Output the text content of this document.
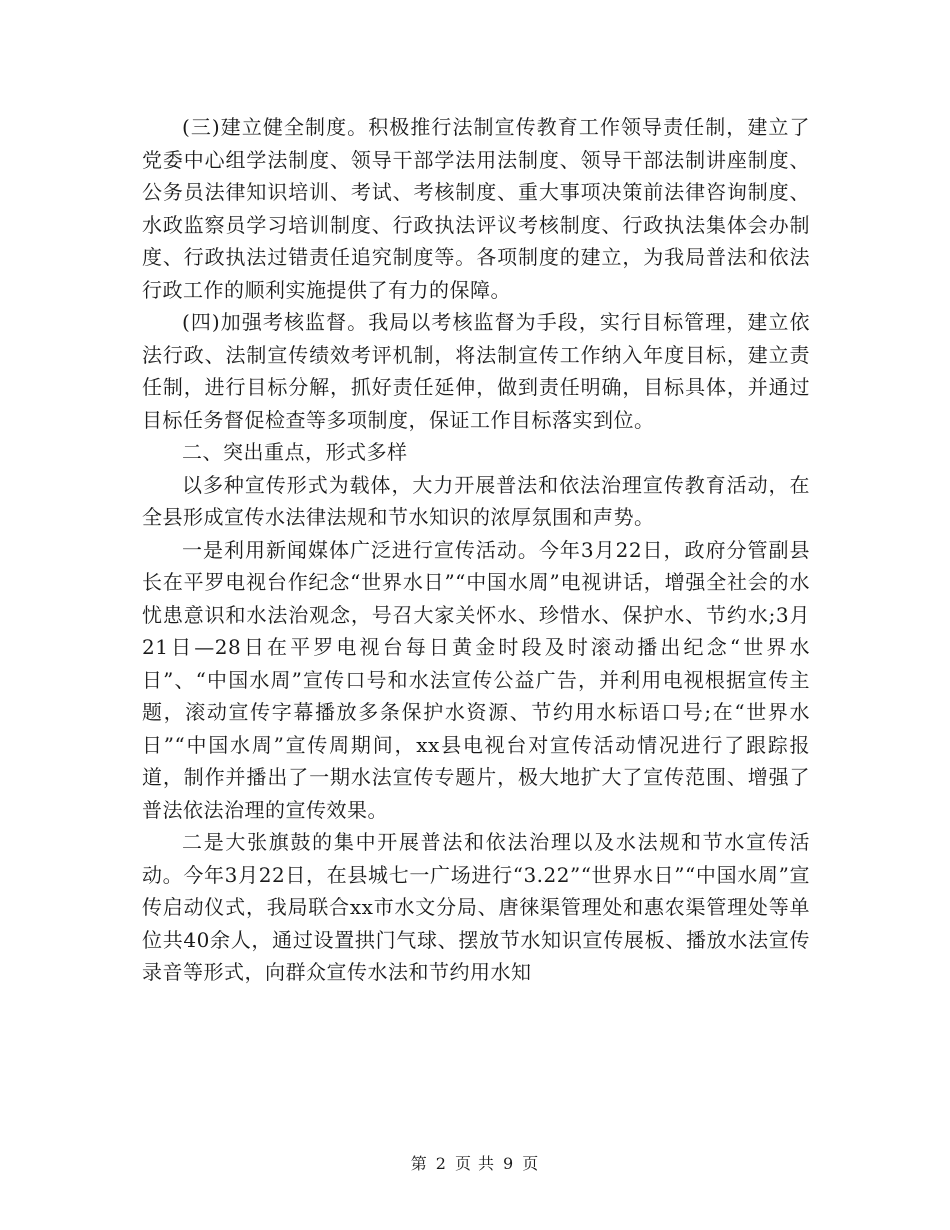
(三)建立健全制度。积极推行法制宣传教育工作领导责任制，建立了党委中心组学法制度、领导干部学法用法制度、领导干部法制讲座制度、公务员法律知识培训、考试、考核制度、重大事项决策前法律咨询制度、水政监察员学习培训制度、行政执法评议考核制度、行政执法集体会办制度、行政执法过错责任追究制度等。各项制度的建立，为我局普法和依法行政工作的顺利实施提供了有力的保障。

(四)加强考核监督。我局以考核监督为手段，实行目标管理，建立依法行政、法制宣传绩效考评机制，将法制宣传工作纳入年度目标，建立责任制，进行目标分解，抓好责任延伸，做到责任明确，目标具体，并通过目标任务督促检查等多项制度，保证工作目标落实到位。

二、突出重点，形式多样

以多种宣传形式为载体，大力开展普法和依法治理宣传教育活动，在全县形成宣传水法律法规和节水知识的浓厚氛围和声势。

一是利用新闻媒体广泛进行宣传活动。今年3月22日，政府分管副县长在平罗电视台作纪念“世界水日”“中国水周”电视讲话，增强全社会的水忧患意识和水法治观念，号召大家关怀水、珍惜水、保护水、节约水;3月21日—28日在平罗电视台每日黄金时段及时滚动播出纪念“世界水日”、“中国水周”宣传口号和水法宣传公益广告，并利用电视根据宣传主题，滚动宣传字幕播放多条保护水资源、节约用水标语口号;在“世界水日”“中国水周”宣传周期间，xx县电视台对宣传活动情况进行了跟踪报道，制作并播出了一期水法宣传专题片，极大地扩大了宣传范围、增强了普法依法治理的宣传效果。

二是大张旗鼓的集中开展普法和依法治理以及水法规和节水宣传活动。今年3月22日，在县城七一广场进行“3.22”“世界水日”“中国水周”宣传启动仪式，我局联合xx市水文分局、唐徕渠管理处和惠农渠管理处等单位共40余人，通过设置拱门气球、摆放节水知识宣传展板、播放水法宣传录音等形式，向群众宣传水法和节约用水知

第 2 页 共 9 页
